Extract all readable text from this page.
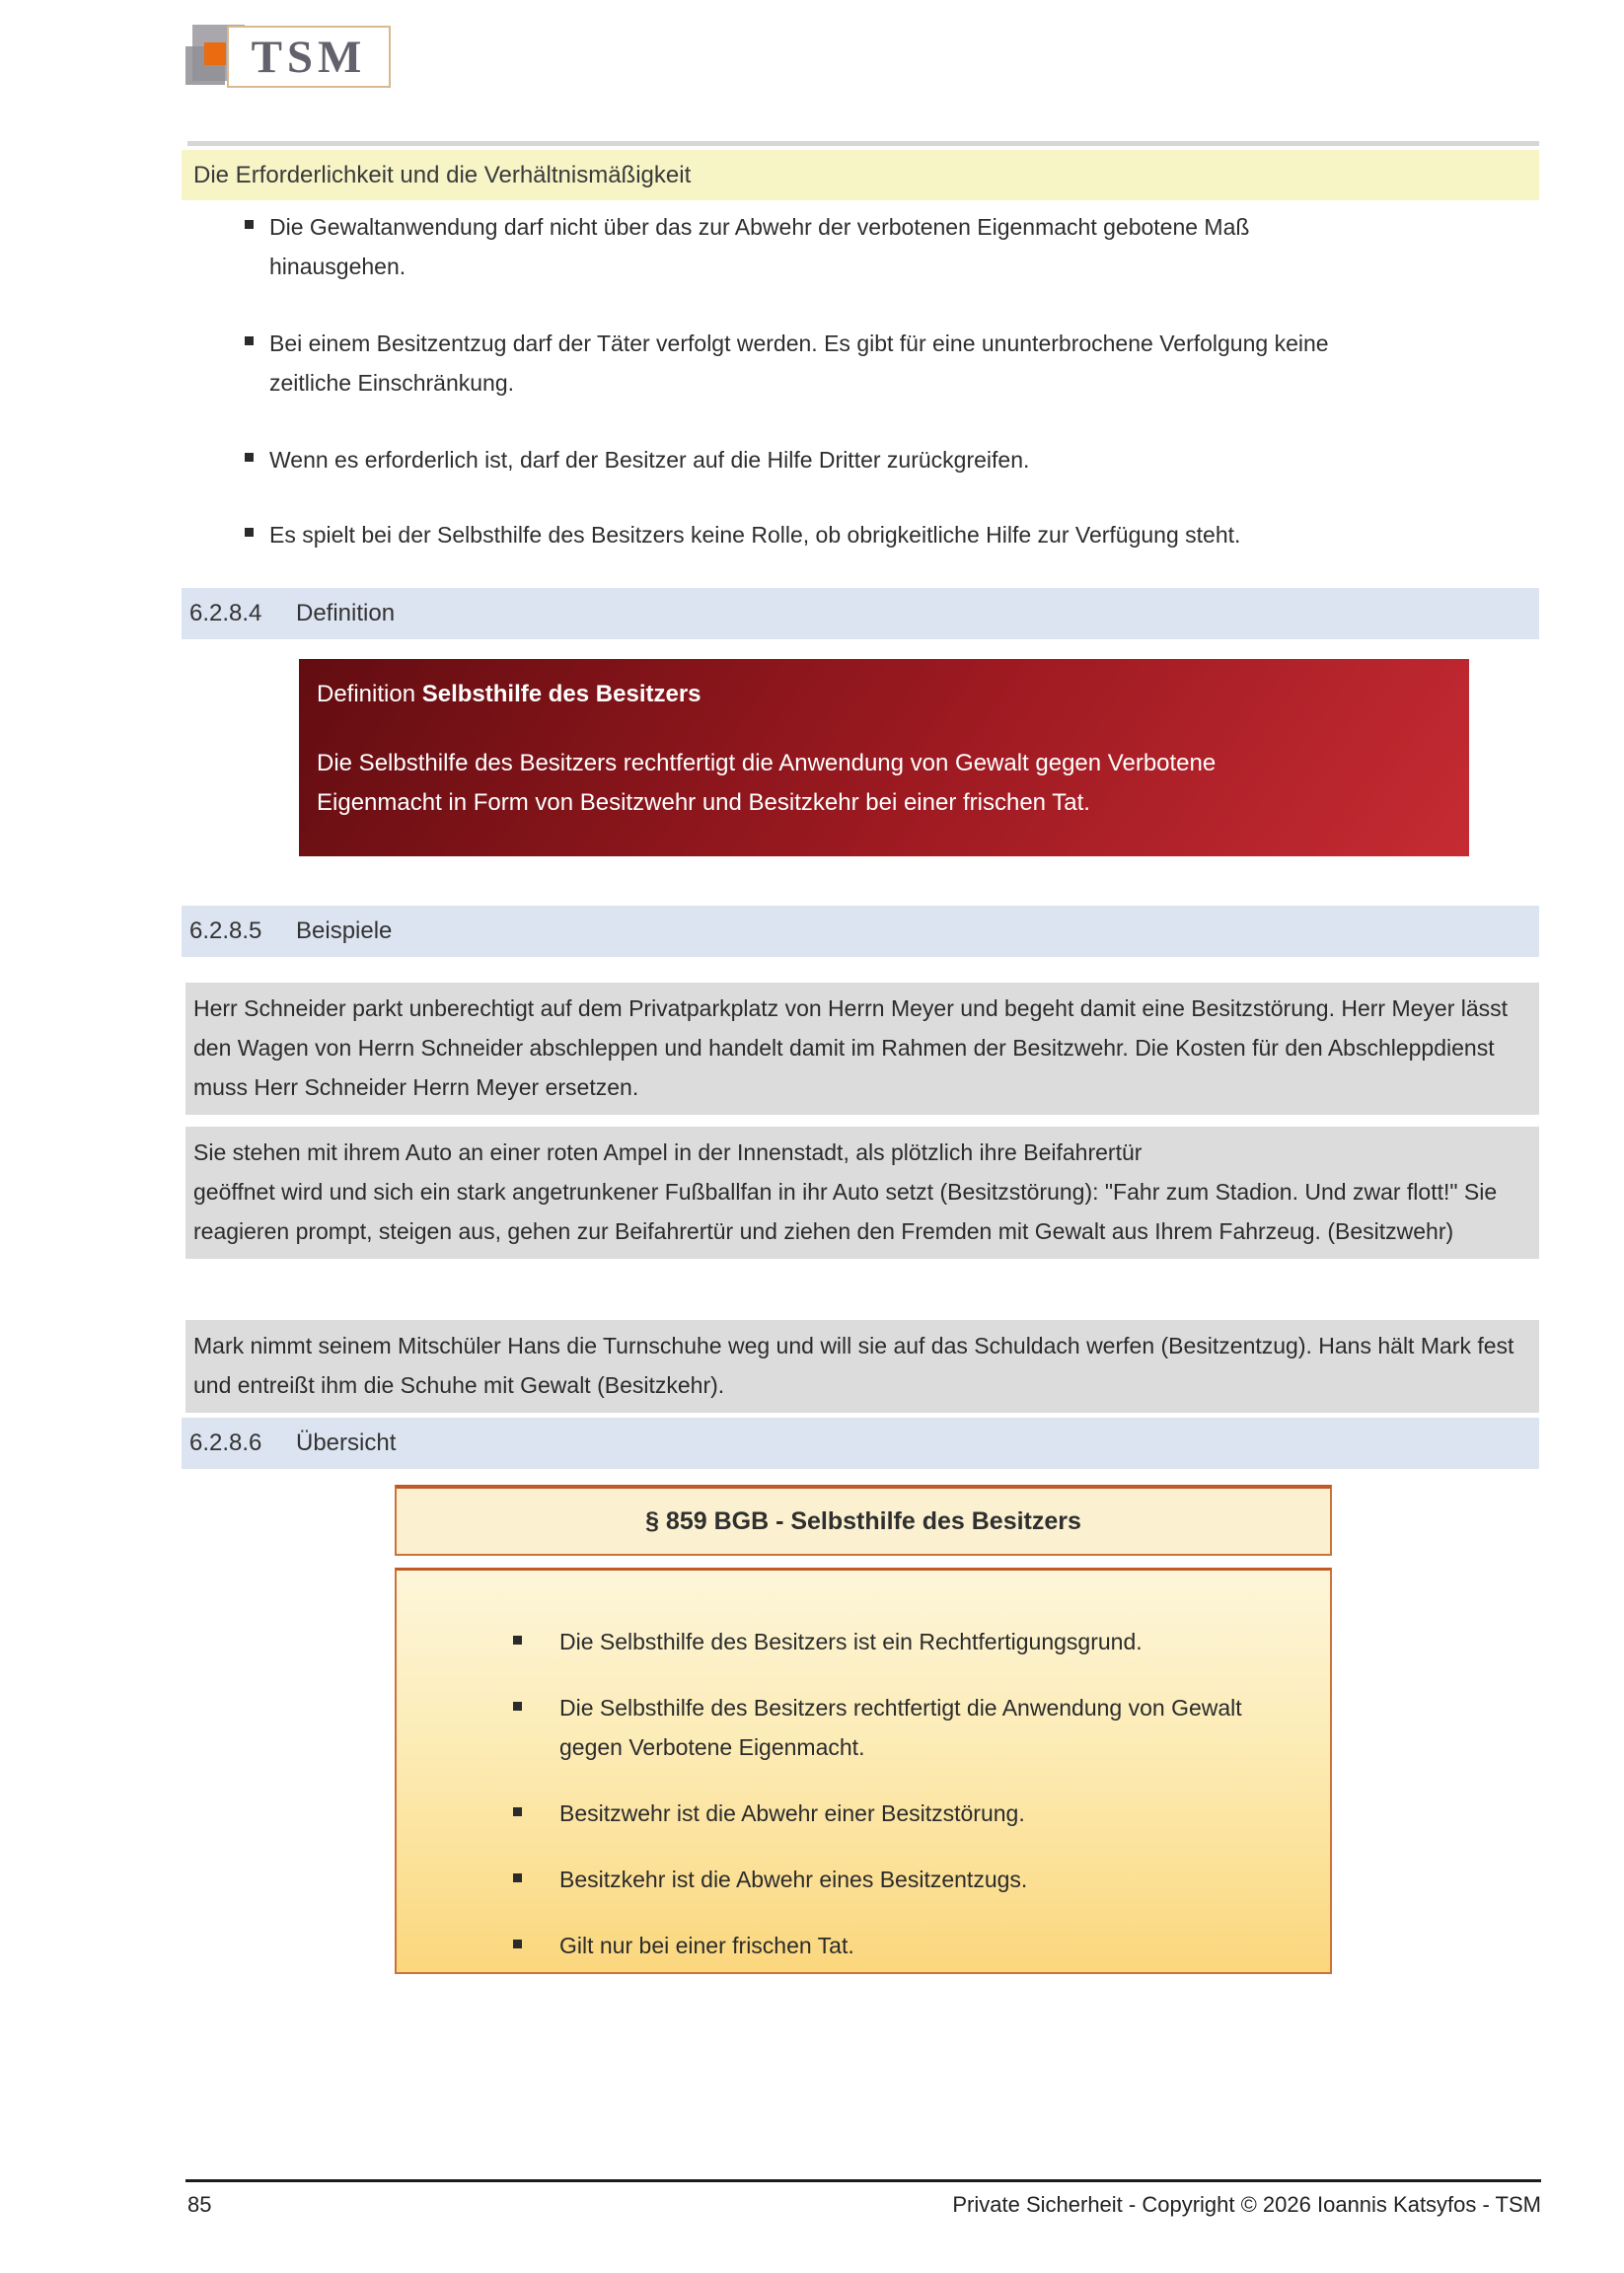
TSM
Die Erforderlichkeit und die Verhältnismäßigkeit
Die Gewaltanwendung darf nicht über das zur Abwehr der verbotenen Eigenmacht gebotene Maß hinausgehen.
Bei einem Besitzentzug darf der Täter verfolgt werden. Es gibt für eine ununterbrochene Verfolgung keine zeitliche Einschränkung.
Wenn es erforderlich ist, darf der Besitzer auf die Hilfe Dritter zurückgreifen.
Es spielt bei der Selbsthilfe des Besitzers keine Rolle, ob obrigkeitliche Hilfe zur Verfügung steht.
6.2.8.4	Definition
Definition Selbsthilfe des Besitzers
Die Selbsthilfe des Besitzers rechtfertigt die Anwendung von Gewalt gegen Verbotene Eigenmacht in Form von Besitzwehr und Besitzkehr bei einer frischen Tat.
6.2.8.5	Beispiele
Herr Schneider parkt unberechtigt auf dem Privatparkplatz von Herrn Meyer und begeht damit eine Besitzstörung. Herr Meyer lässt den Wagen von Herrn Schneider abschleppen und handelt damit im Rahmen der Besitzwehr. Die Kosten für den Abschleppdienst muss Herr Schneider Herrn Meyer ersetzen.
Sie stehen mit ihrem Auto an einer roten Ampel in der Innenstadt, als plötzlich ihre Beifahrertür
geöffnet wird und sich ein stark angetrunkener Fußballfan in ihr Auto setzt (Besitzstörung): "Fahr zum Stadion. Und zwar flott!" Sie reagieren prompt, steigen aus, gehen zur Beifahrertür und ziehen den Fremden mit Gewalt aus Ihrem Fahrzeug. (Besitzwehr)
Mark nimmt seinem Mitschüler Hans die Turnschuhe weg und will sie auf das Schuldach werfen (Besitzentzug). Hans hält Mark fest und entreißt ihm die Schuhe mit Gewalt (Besitzkehr).
6.2.8.6	Übersicht
§ 859 BGB - Selbsthilfe des Besitzers
Die Selbsthilfe des Besitzers ist ein Rechtfertigungsgrund.
Die Selbsthilfe des Besitzers rechtfertigt die Anwendung von Gewalt gegen Verbotene Eigenmacht.
Besitzwehr ist die Abwehr einer Besitzstörung.
Besitzkehr ist die Abwehr eines Besitzentzugs.
Gilt nur bei einer frischen Tat.
85	Private Sicherheit - Copyright © 2026 Ioannis Katsyfos - TSM
